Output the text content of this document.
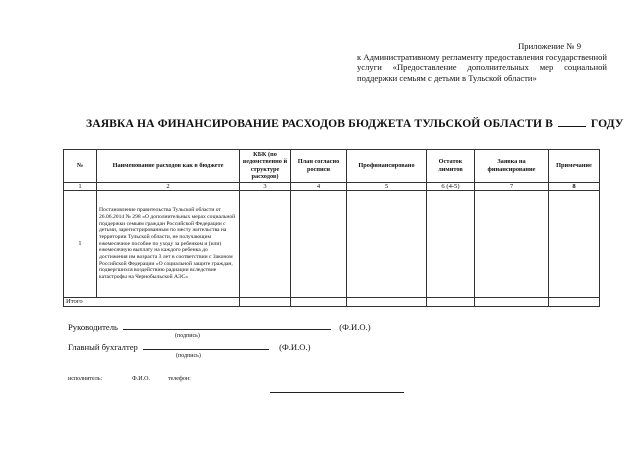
Приложение № 9
к Административному регламенту предоставления государственной услуги «Предоставление дополнительных мер социальной поддержки семьям с детьми в Тульской области»
ЗАЯВКА НА ФИНАНСИРОВАНИЕ РАСХОДОВ БЮДЖЕТА ТУЛЬСКОЙ ОБЛАСТИ В	ГОДУ
№	Наименование расходов как в бюджете	КБК (по ведомственно й структуре расходов)	План согласно росписи	Профинансировано	Остаток лимитов	Заявка на финансирование	Примечание
1	2	3	4	5	6 (4-5)	7	8
1	Постановление правительства Тульской области от 26.06.2014 № 298 «О дополнительных мерах социальной поддержки семьям граждан Российской Федерации с детьми, зарегистрированным по месту жительства на территории Тульской области, не получающим ежемесячное пособие по уходу за ребенком и (или) ежемесячную выплату на каждого ребенка до достижения им возраста 3 лет в соответствии с Законом Российской Федерации «О социальной защите граждан, подвергшихся воздействию радиации вследствие катастрофы на Чернобыльской АЭС»						
Итого							
Руководитель	(Ф.И.О.)
(подпись)
Главный бухгалтер	(Ф.И.О.)
(подпись)
исполнитель:	Ф.И.О.	телефон:
